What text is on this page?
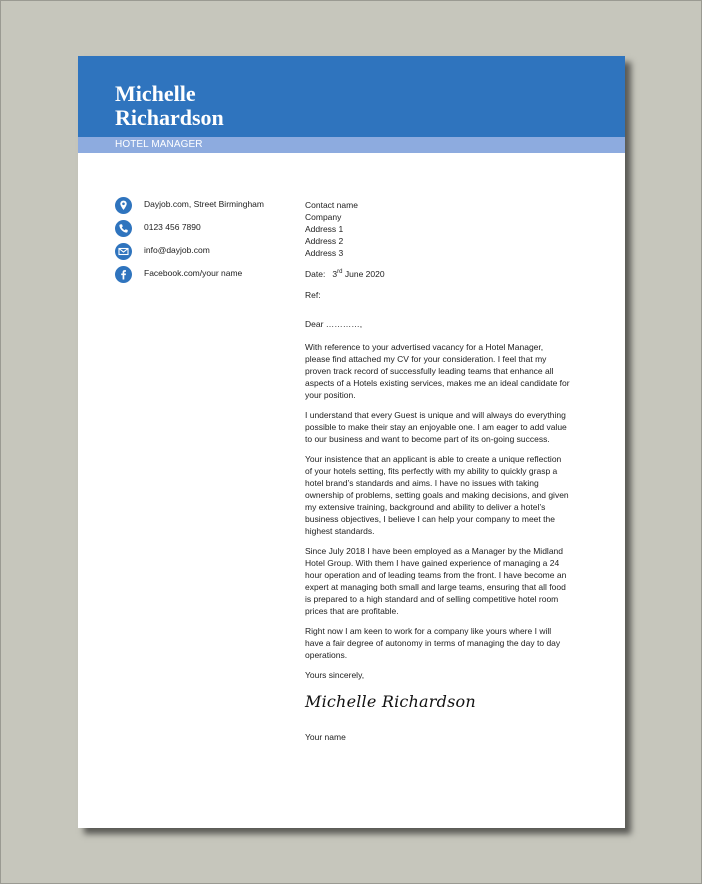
Michelle
Richardson
HOTEL MANAGER
Dayjob.com, Street Birmingham
0123 456 7890
info@dayjob.com
Facebook.com/your name
Contact name
Company
Address 1
Address 2
Address 3
Date: 3rd June 2020
Ref:
Dear …………,

With reference to your advertised vacancy for a Hotel Manager, please find attached my CV for your consideration. I feel that my proven track record of successfully leading teams that enhance all aspects of a Hotels existing services, makes me an ideal candidate for your position.

I understand that every Guest is unique and will always do everything possible to make their stay an enjoyable one. I am eager to add value to our business and want to become part of its on-going success.

Your insistence that an applicant is able to create a unique reflection of your hotels setting, fits perfectly with my ability to quickly grasp a hotel brand’s standards and aims. I have no issues with taking ownership of problems, setting goals and making decisions, and given my extensive training, background and ability to deliver a hotel’s business objectives, I believe I can help your company to meet the highest standards.

Since July 2018 I have been employed as a Manager by the Midland Hotel Group. With them I have gained experience of managing a 24 hour operation and of leading teams from the front. I have become an expert at managing both small and large teams, ensuring that all food is prepared to a high standard and of selling competitive hotel room prices that are profitable.

Right now I am keen to work for a company like yours where I will have a fair degree of autonomy in terms of managing the day to day operations.

Yours sincerely,
Michelle Richardson
Your name
